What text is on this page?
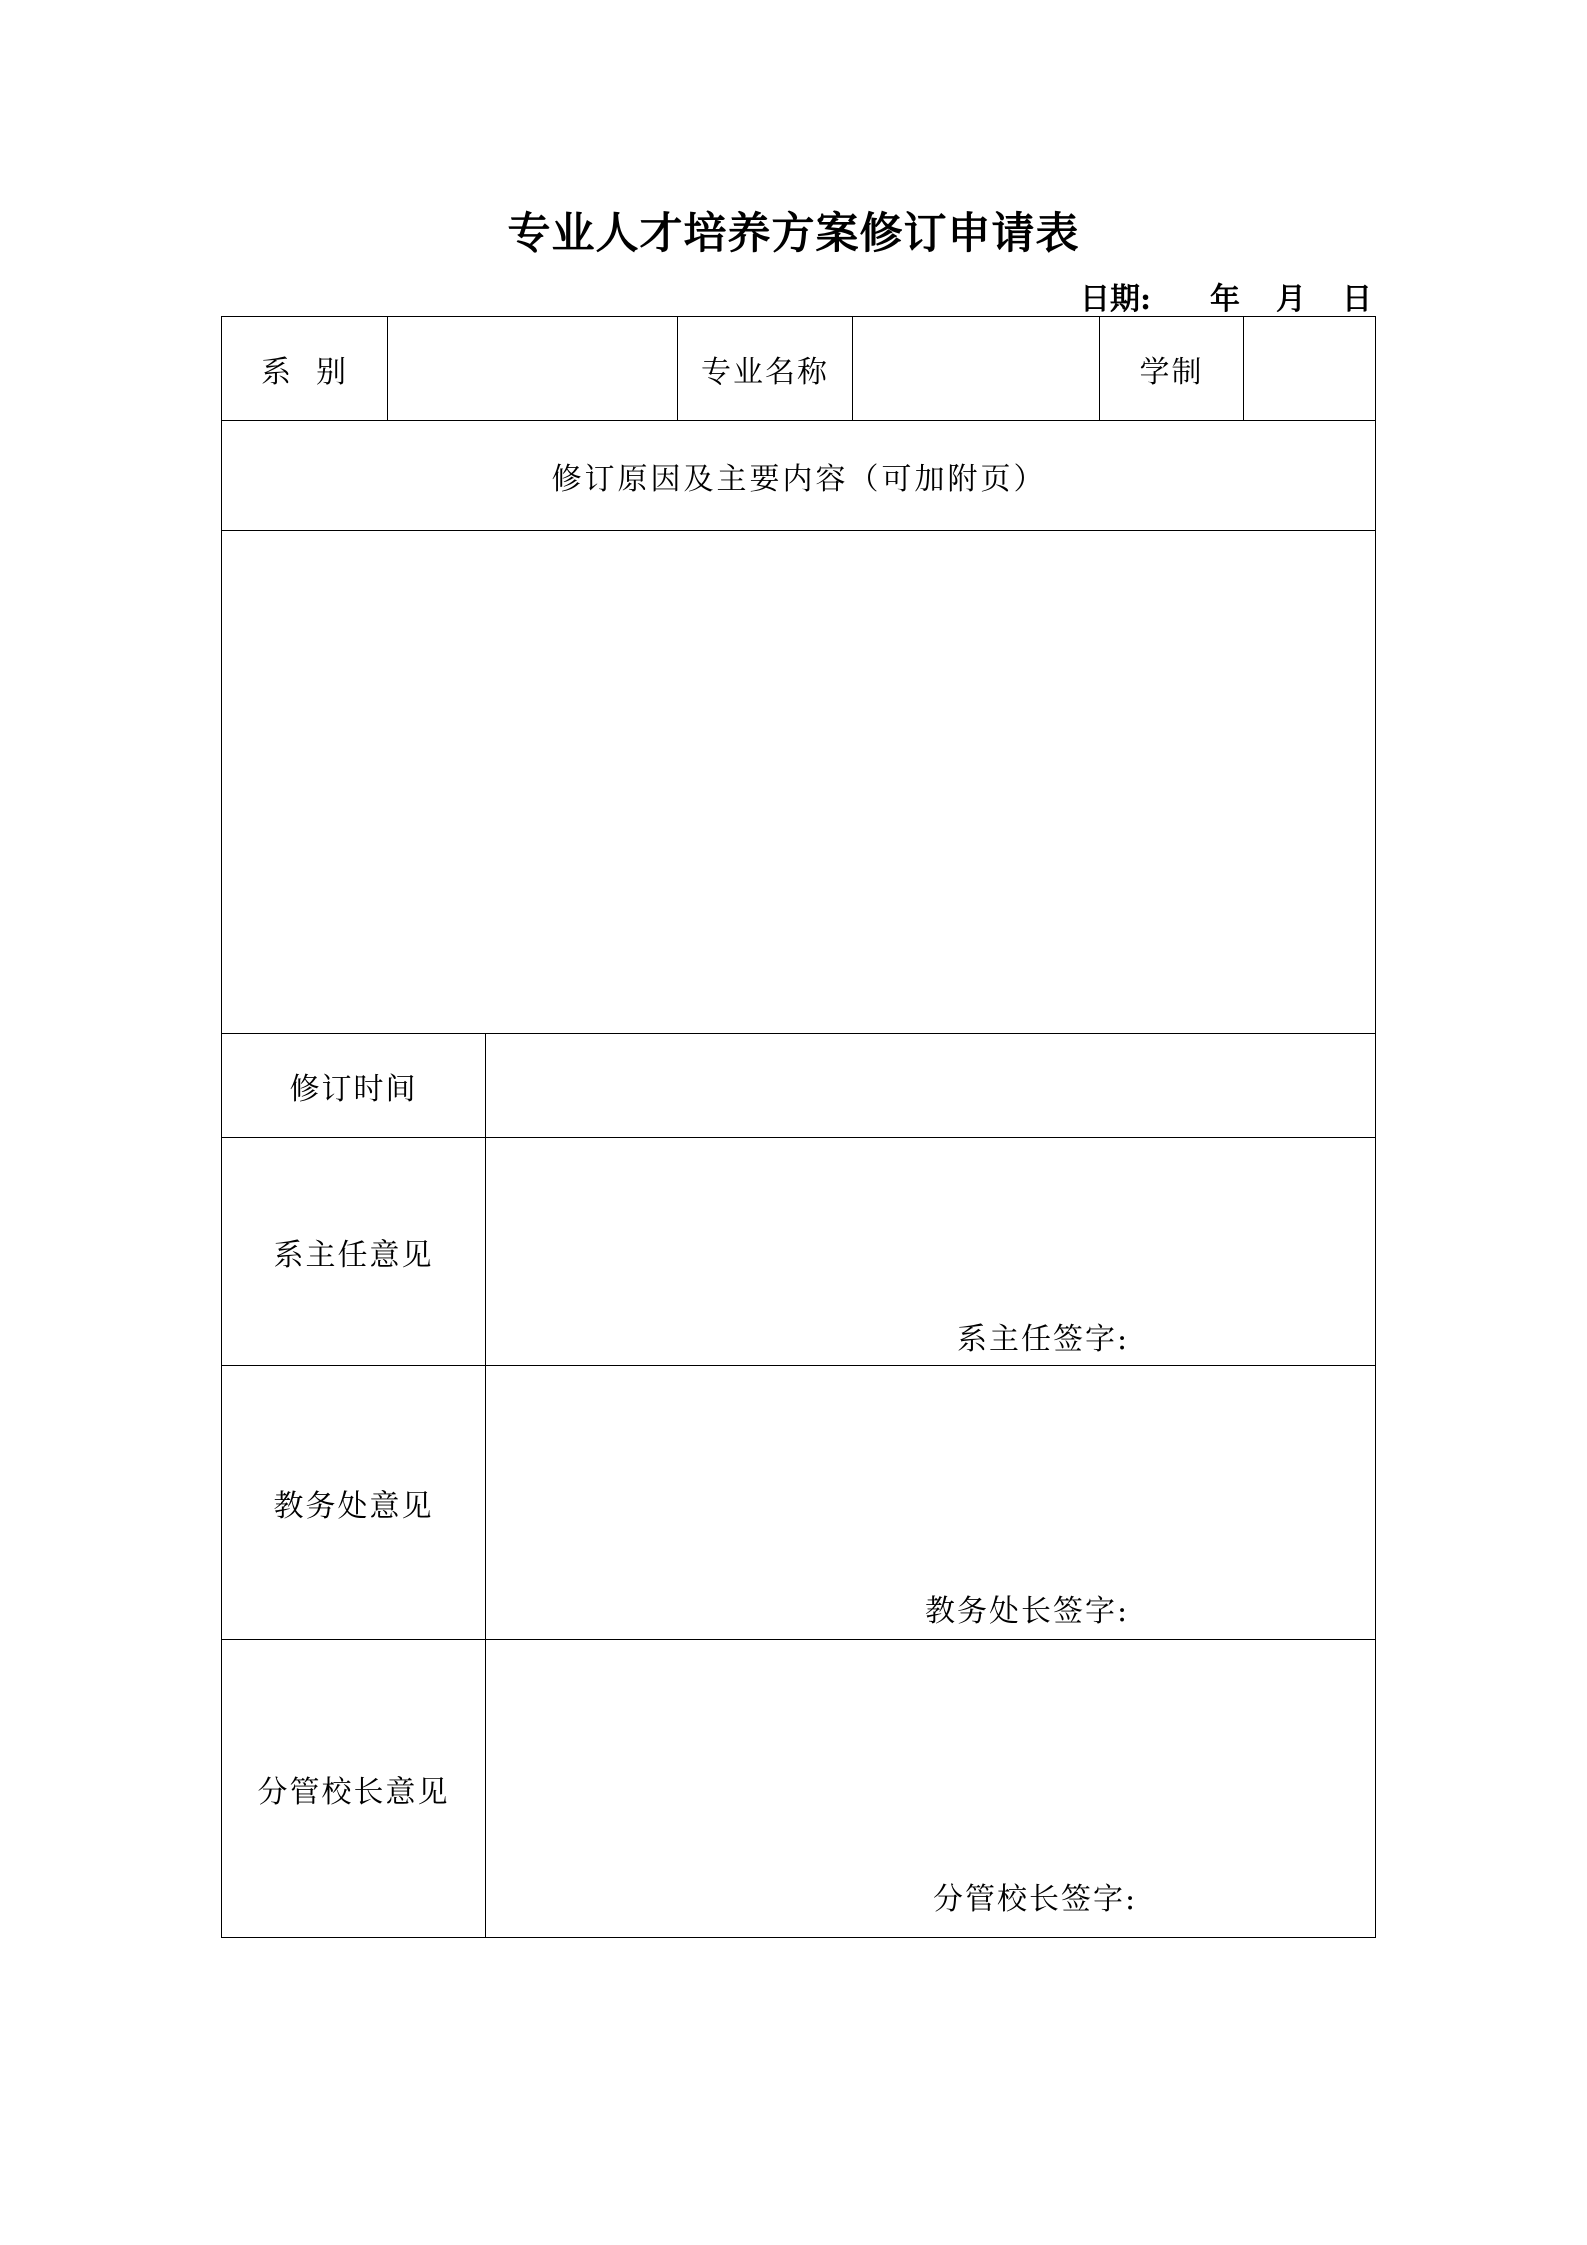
专业人才培养方案修订申请表
日期: 年 月 日
系  别	专业名称	学制
修订原因及主要内容（可加附页）
修订时间
系主任意见
系主任签字:
教务处意见
教务处长签字:
分管校长意见
分管校长签字:
